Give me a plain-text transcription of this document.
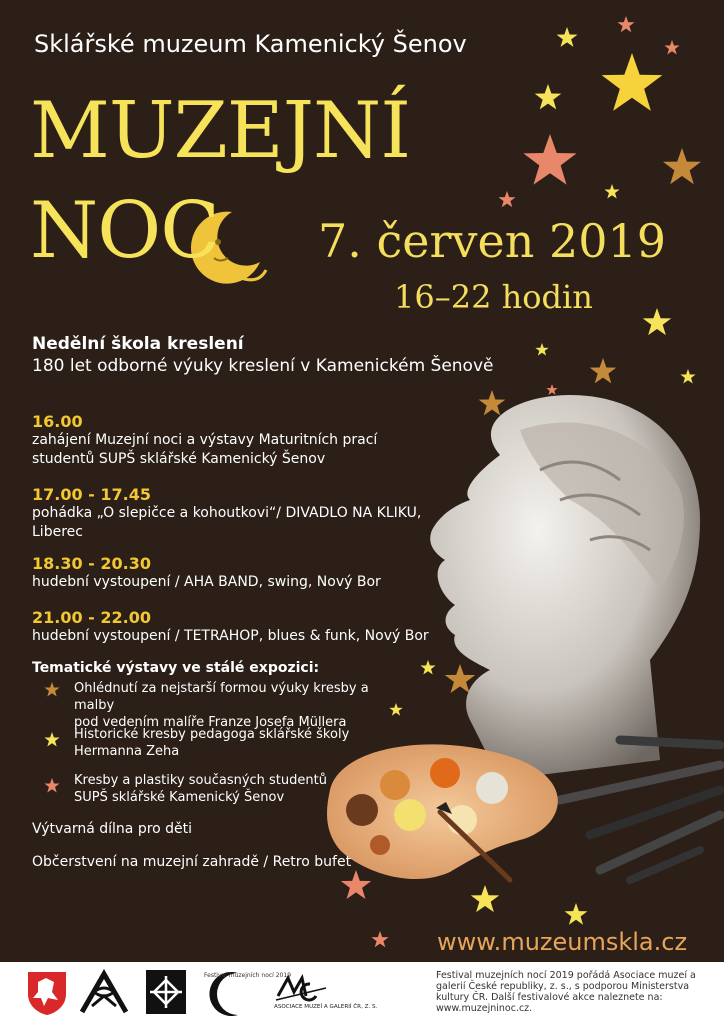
Sklářské muzeum Kamenický Šenov
MUZEJNÍ
NOC 7. červen 2019
16–22 hodin
Nedělní škola kreslení
180 let odborné výuky kreslení v Kamenickém Šenově
16.00
zahájení Muzejní noci a výstavy Maturitních prací
studentů SUPŠ sklářské Kamenický Šenov
17.00 - 17.45
pohádka „O slepičce a kohoutkovi“/ DIVADLO NA KLIKU,
Liberec
18.30 - 20.30
hudební vystoupení / AHA BAND, swing, Nový Bor
21.00 - 22.00
hudební vystoupení / TETRAHOP, blues & funk, Nový Bor
Tematické výstavy ve stálé expozici:
Ohlédnutí za nejstarší formou výuky kresby a malby
pod vedením malíře Franze Josefa Müllera
Historické kresby pedagoga sklářské školy
Hermanna Zeha
Kresby a plastiky současných studentů
SUPŠ sklářské Kamenický Šenov
Výtvarná dílna pro děti
Občerstvení na muzejní zahradě / Retro bufet
www.muzeumskla.cz
Festival muzejních nocí 2019
ASOCIACE MUZEÍ A GALERIÍ ČR, Z. S.
Festival muzejních nocí 2019 pořádá Asociace muzeí a galerií České republiky, z. s., s podporou Ministerstva kultury ČR. Další festivalové akce naleznete na: www.muzejninoc.cz.
